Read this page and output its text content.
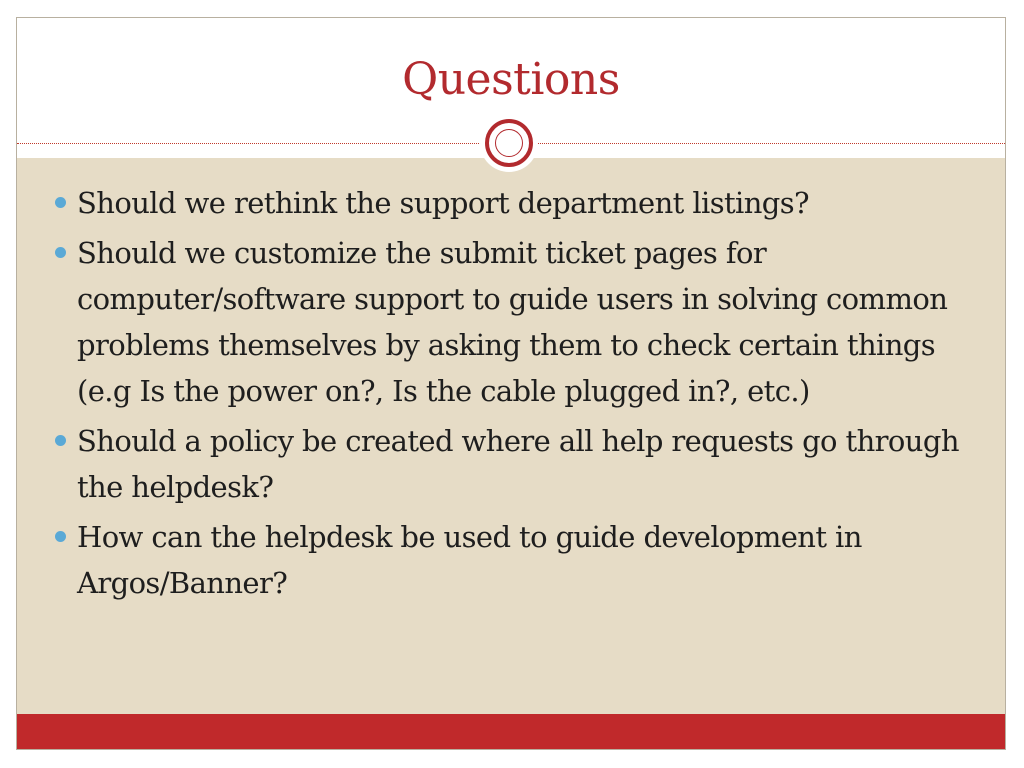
Questions
Should we rethink the support department listings?
Should we customize the submit ticket pages for computer/software support to guide users in solving common problems themselves by asking them to check certain things (e.g Is the power on?, Is the cable plugged in?, etc.)
Should a policy be created where all help requests go through the helpdesk?
How can the helpdesk be used to guide development in Argos/Banner?
